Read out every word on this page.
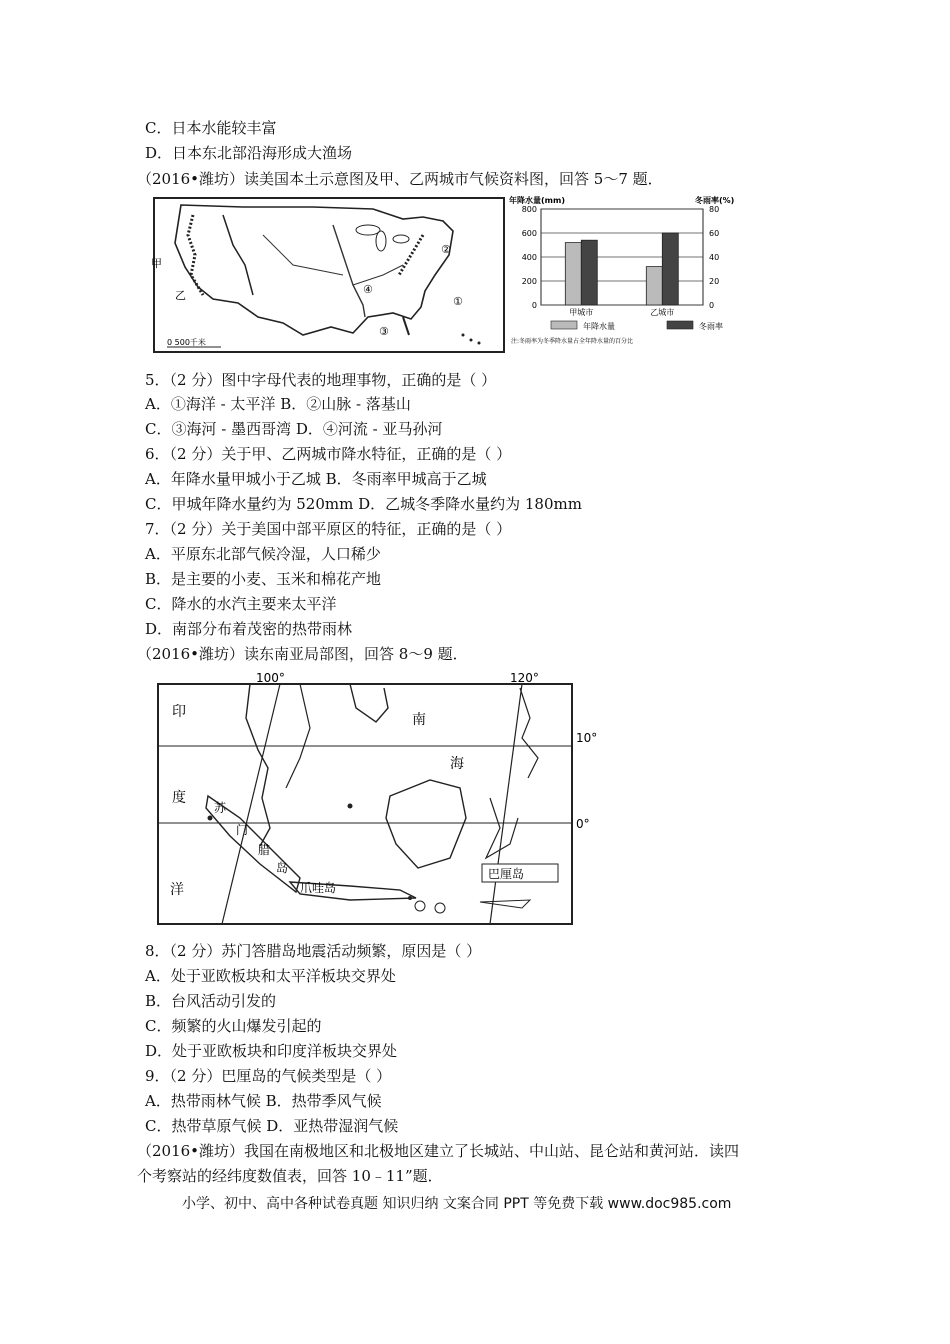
C．日本水能较丰富
D．日本东北部沿海形成大渔场
（2016•潍坊）读美国本土示意图及甲、乙两城市气候资料图，回答 5～7 题．
甲
乙	①
②
③
④
0 500千米
年降水量(mm)	冬雨率(%)
0
200
400
600
800
0
20
40
60
80
甲城市	乙城市
年降水量	冬雨率
注:冬雨率为冬季降水量占全年降水量的百分比
5．（2 分）图中字母代表的地理事物，正确的是（ ）
A．①海洋 - 太平洋 B．②山脉 - 落基山
C．③海河 - 墨西哥湾 D．④河流 - 亚马孙河
6．（2 分）关于甲、乙两城市降水特征，正确的是（ ）
A．年降水量甲城小于乙城 B．冬雨率甲城高于乙城
C．甲城年降水量约为 520mm D．乙城冬季降水量约为 180mm
7．（2 分）关于美国中部平原区的特征，正确的是（ ）
A．平原东北部气候冷湿，人口稀少
B．是主要的小麦、玉米和棉花产地
C．降水的水汽主要来太平洋
D．南部分布着茂密的热带雨林
（2016•潍坊）读东南亚局部图，回答 8～9 题．
100°	120°
10°
0°
印	南
海
度
苏
门
腊
岛
洋	爪哇岛
巴厘岛
8．（2 分）苏门答腊岛地震活动频繁，原因是（ ）
A．处于亚欧板块和太平洋板块交界处
B．台风活动引发的
C．频繁的火山爆发引起的
D．处于亚欧板块和印度洋板块交界处
9．（2 分）巴厘岛的气候类型是（ ）
A．热带雨林气候 B．热带季风气候
C．热带草原气候 D．亚热带湿润气候
（2016•潍坊）我国在南极地区和北极地区建立了长城站、中山站、昆仑站和黄河站．读四
个考察站的经纬度数值表，回答 10﹣11”题．
小学、初中、高中各种试卷真题 知识归纳 文案合同 PPT 等免费下载 www.doc985.com
